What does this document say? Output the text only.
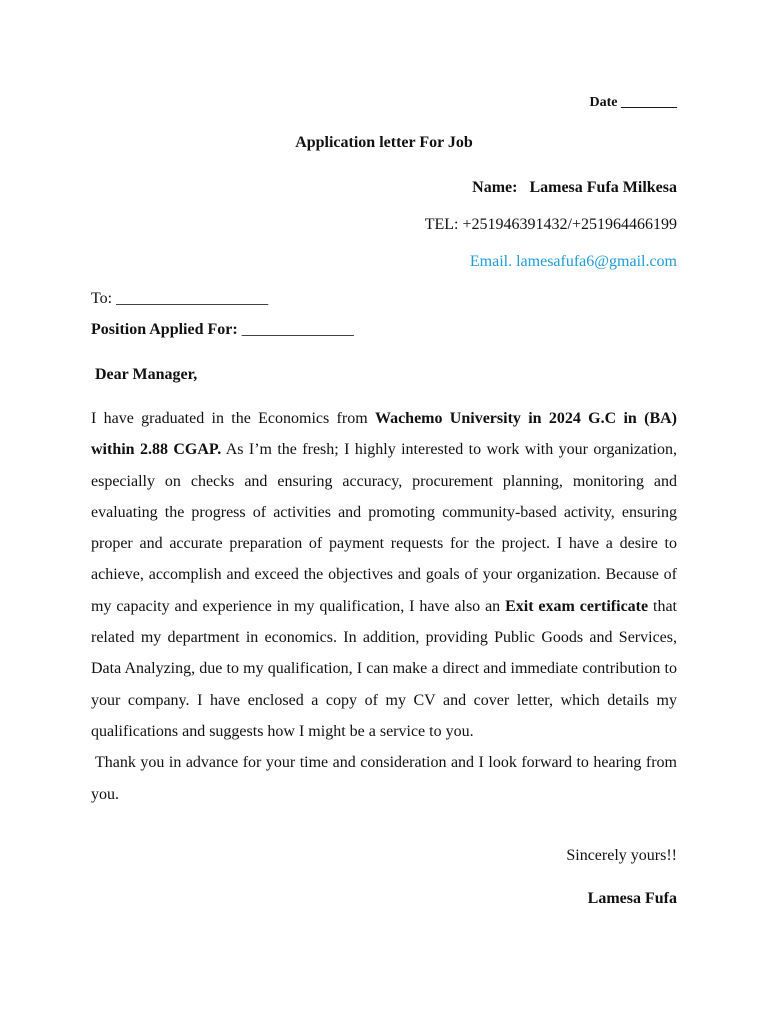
Date ________
Application letter For Job
Name: Lamesa Fufa Milkesa
TEL: +251946391432/+251964466199
Email. lamesafufa6@gmail.com
To: ___________________
Position Applied For: ______________
Dear Manager,

I have graduated in the Economics from Wachemo University in 2024 G.C in (BA) within 2.88 CGAP. As I’m the fresh; I highly interested to work with your organization, especially on checks and ensuring accuracy, procurement planning, monitoring and evaluating the progress of activities and promoting community-based activity, ensuring proper and accurate preparation of payment requests for the project. I have a desire to achieve, accomplish and exceed the objectives and goals of your organization. Because of my capacity and experience in my qualification, I have also an Exit exam certificate that related my department in economics. In addition, providing Public Goods and Services, Data Analyzing, due to my qualification, I can make a direct and immediate contribution to your company. I have enclosed a copy of my CV and cover letter, which details my qualifications and suggests how I might be a service to you.

Thank you in advance for your time and consideration and I look forward to hearing from you.

Sincerely yours!!
Lamesa Fufa
